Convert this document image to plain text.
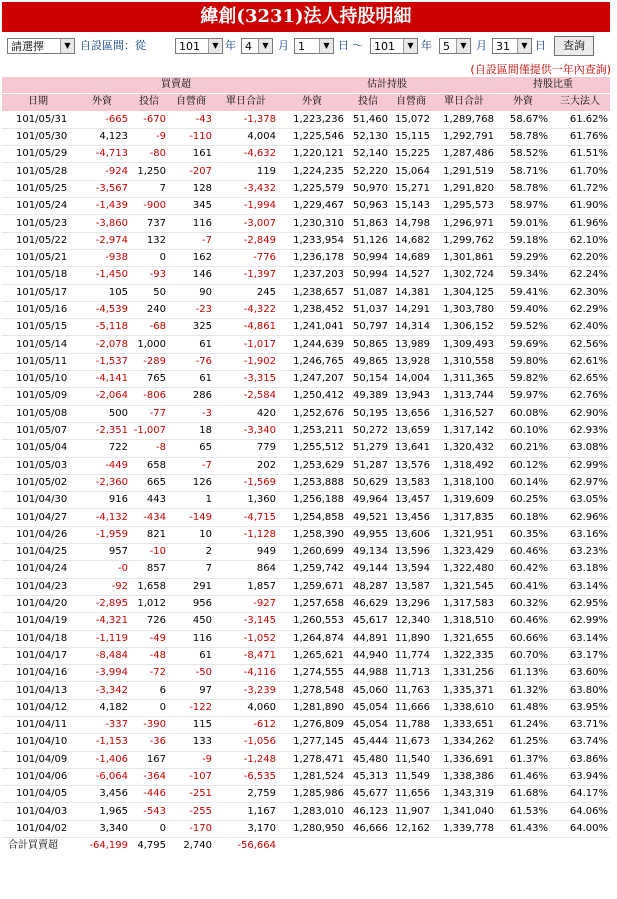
緯創(3231)法人持股明細
請選擇	▼ 自設區間：從	101	▼ 年 4	▼ 月 1	▼ 日 ～	101	▼ 年	5	▼ 月 31	▼ 日	查詢
(自設區間僅提供一年內查詢)
	買賣超				估計持股				持股比重	
日期	外資	投信	自營商	單日合計	外資	投信	自營商	單日合計	外資	三大法人
101/05/31	-665	-670	-43	-1,378	1,223,236	51,460	15,072	1,289,768	58.67%	61.62%
101/05/30	4,123	-9	-110	4,004	1,225,546	52,130	15,115	1,292,791	58.78%	61.76%
101/05/29	-4,713	-80	161	-4,632	1,220,121	52,140	15,225	1,287,486	58.52%	61.51%
101/05/28	-924	1,250	-207	119	1,224,235	52,220	15,064	1,291,519	58.71%	61.70%
101/05/25	-3,567	7	128	-3,432	1,225,579	50,970	15,271	1,291,820	58.78%	61.72%
101/05/24	-1,439	-900	345	-1,994	1,229,467	50,963	15,143	1,295,573	58.97%	61.90%
101/05/23	-3,860	737	116	-3,007	1,230,310	51,863	14,798	1,296,971	59.01%	61.96%
101/05/22	-2,974	132	-7	-2,849	1,233,954	51,126	14,682	1,299,762	59.18%	62.10%
101/05/21	-938	0	162	-776	1,236,178	50,994	14,689	1,301,861	59.29%	62.20%
101/05/18	-1,450	-93	146	-1,397	1,237,203	50,994	14,527	1,302,724	59.34%	62.24%
101/05/17	105	50	90	245	1,238,657	51,087	14,381	1,304,125	59.41%	62.30%
101/05/16	-4,539	240	-23	-4,322	1,238,452	51,037	14,291	1,303,780	59.40%	62.29%
101/05/15	-5,118	-68	325	-4,861	1,241,041	50,797	14,314	1,306,152	59.52%	62.40%
101/05/14	-2,078	1,000	61	-1,017	1,244,639	50,865	13,989	1,309,493	59.69%	62.56%
101/05/11	-1,537	-289	-76	-1,902	1,246,765	49,865	13,928	1,310,558	59.80%	62.61%
101/05/10	-4,141	765	61	-3,315	1,247,207	50,154	14,004	1,311,365	59.82%	62.65%
101/05/09	-2,064	-806	286	-2,584	1,250,412	49,389	13,943	1,313,744	59.97%	62.76%
101/05/08	500	-77	-3	420	1,252,676	50,195	13,656	1,316,527	60.08%	62.90%
101/05/07	-2,351	-1,007	18	-3,340	1,253,211	50,272	13,659	1,317,142	60.10%	62.93%
101/05/04	722	-8	65	779	1,255,512	51,279	13,641	1,320,432	60.21%	63.08%
101/05/03	-449	658	-7	202	1,253,629	51,287	13,576	1,318,492	60.12%	62.99%
101/05/02	-2,360	665	126	-1,569	1,253,888	50,629	13,583	1,318,100	60.14%	62.97%
101/04/30	916	443	1	1,360	1,256,188	49,964	13,457	1,319,609	60.25%	63.05%
101/04/27	-4,132	-434	-149	-4,715	1,254,858	49,521	13,456	1,317,835	60.18%	62.96%
101/04/26	-1,959	821	10	-1,128	1,258,390	49,955	13,606	1,321,951	60.35%	63.16%
101/04/25	957	-10	2	949	1,260,699	49,134	13,596	1,323,429	60.46%	63.23%
101/04/24	-0	857	7	864	1,259,742	49,144	13,594	1,322,480	60.42%	63.18%
101/04/23	-92	1,658	291	1,857	1,259,671	48,287	13,587	1,321,545	60.41%	63.14%
101/04/20	-2,895	1,012	956	-927	1,257,658	46,629	13,296	1,317,583	60.32%	62.95%
101/04/19	-4,321	726	450	-3,145	1,260,553	45,617	12,340	1,318,510	60.46%	62.99%
101/04/18	-1,119	-49	116	-1,052	1,264,874	44,891	11,890	1,321,655	60.66%	63.14%
101/04/17	-8,484	-48	61	-8,471	1,265,621	44,940	11,774	1,322,335	60.70%	63.17%
101/04/16	-3,994	-72	-50	-4,116	1,274,555	44,988	11,713	1,331,256	61.13%	63.60%
101/04/13	-3,342	6	97	-3,239	1,278,548	45,060	11,763	1,335,371	61.32%	63.80%
101/04/12	4,182	0	-122	4,060	1,281,890	45,054	11,666	1,338,610	61.48%	63.95%
101/04/11	-337	-390	115	-612	1,276,809	45,054	11,788	1,333,651	61.24%	63.71%
101/04/10	-1,153	-36	133	-1,056	1,277,145	45,444	11,673	1,334,262	61.25%	63.74%
101/04/09	-1,406	167	-9	-1,248	1,278,471	45,480	11,540	1,336,691	61.37%	63.86%
101/04/06	-6,064	-364	-107	-6,535	1,281,524	45,313	11,549	1,338,386	61.46%	63.94%
101/04/05	3,456	-446	-251	2,759	1,285,986	45,677	11,656	1,343,319	61.68%	64.17%
101/04/03	1,965	-543	-255	1,167	1,283,010	46,123	11,907	1,341,040	61.53%	64.06%
101/04/02	3,340	0	-170	3,170	1,280,950	46,666	12,162	1,339,778	61.43%	64.00%
合計買賣超	-64,199	4,795	2,740	-56,664						
